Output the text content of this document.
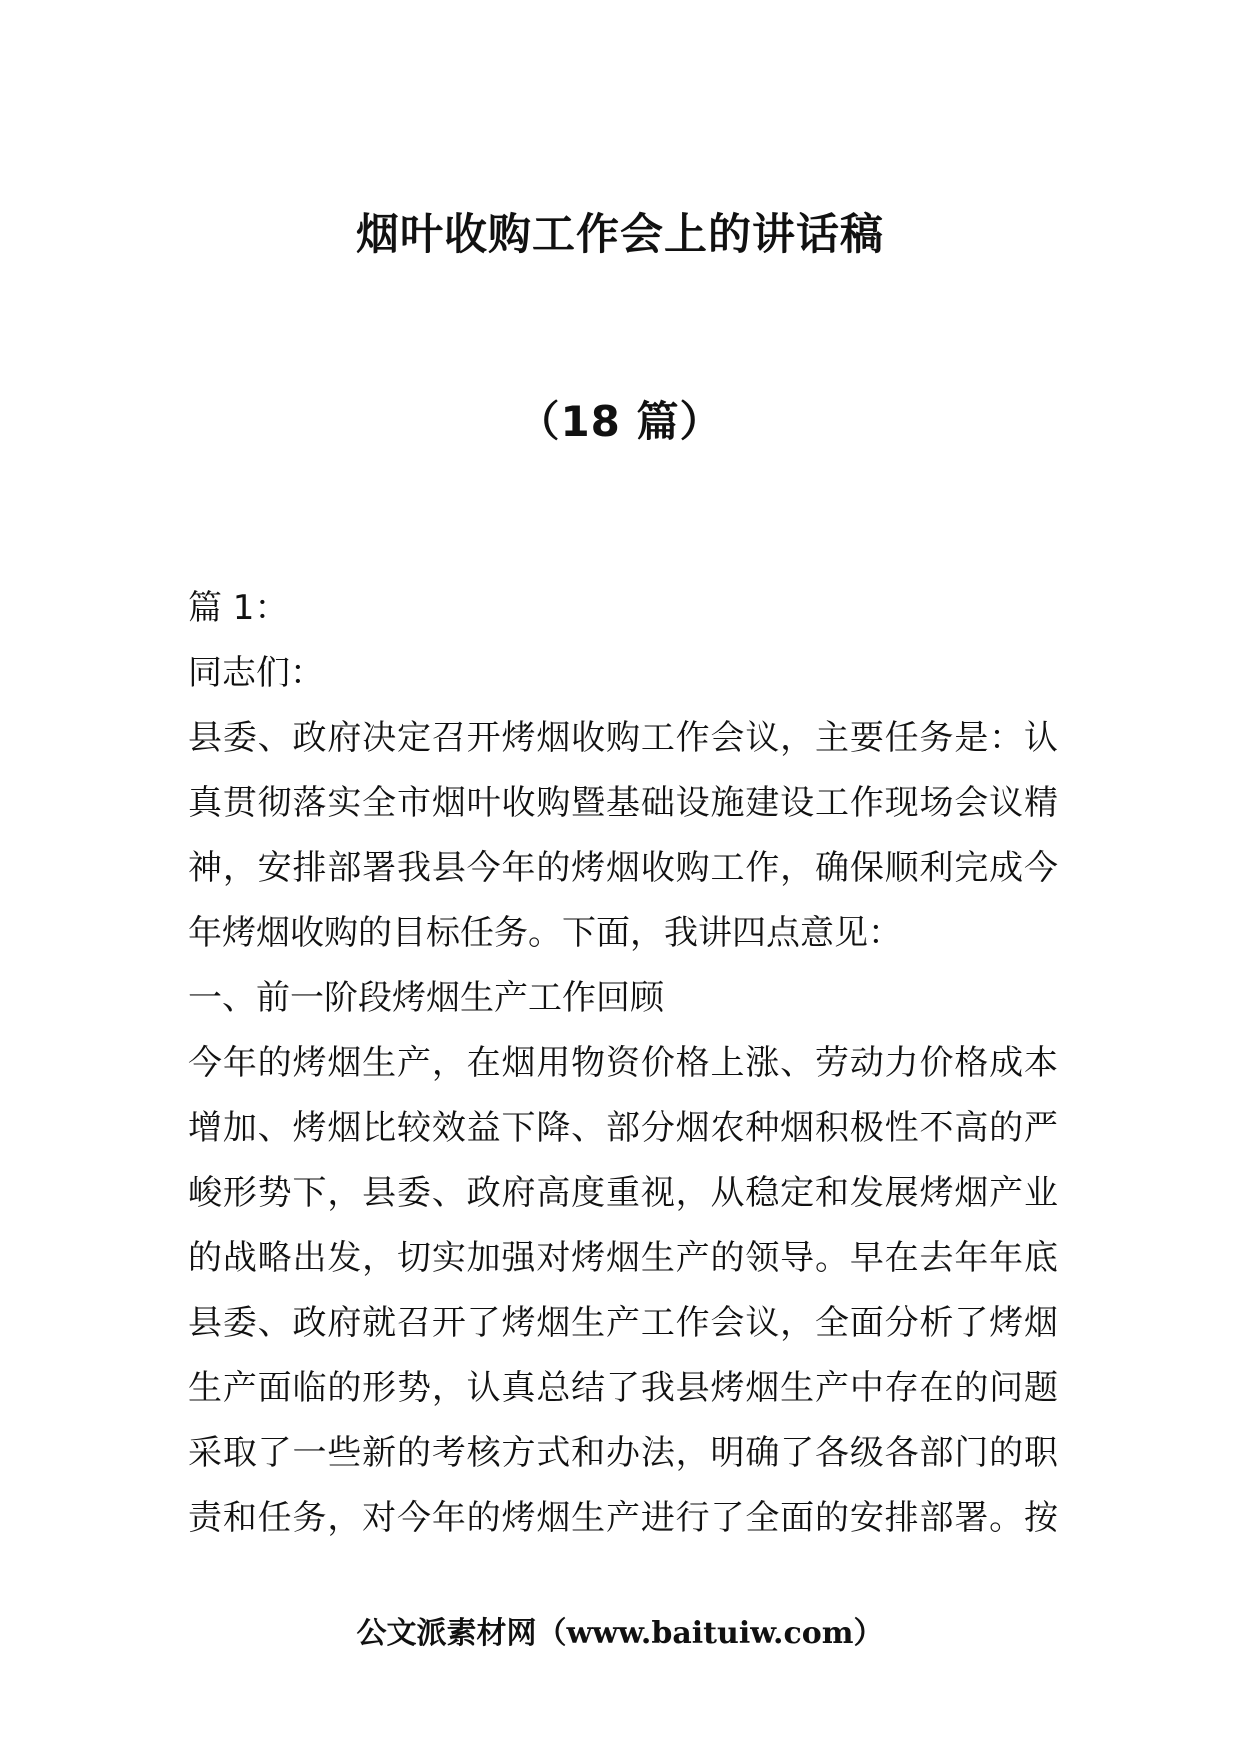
烟叶收购工作会上的讲话稿
（18 篇）
篇 1：
同志们：
县委、政府决定召开烤烟收购工作会议，主要任务是：认
真贯彻落实全市烟叶收购暨基础设施建设工作现场会议精
神，安排部署我县今年的烤烟收购工作，确保顺利完成今
年烤烟收购的目标任务。下面，我讲四点意见：
一、前一阶段烤烟生产工作回顾
今年的烤烟生产，在烟用物资价格上涨、劳动力价格成本
增加、烤烟比较效益下降、部分烟农种烟积极性不高的严
峻形势下，县委、政府高度重视，从稳定和发展烤烟产业
的战略出发，切实加强对烤烟生产的领导。早在去年年底
县委、政府就召开了烤烟生产工作会议，全面分析了烤烟
生产面临的形势，认真总结了我县烤烟生产中存在的问题
采取了一些新的考核方式和办法，明确了各级各部门的职
责和任务，对今年的烤烟生产进行了全面的安排部署。按
公文派素材网（www.baituiw.com）
